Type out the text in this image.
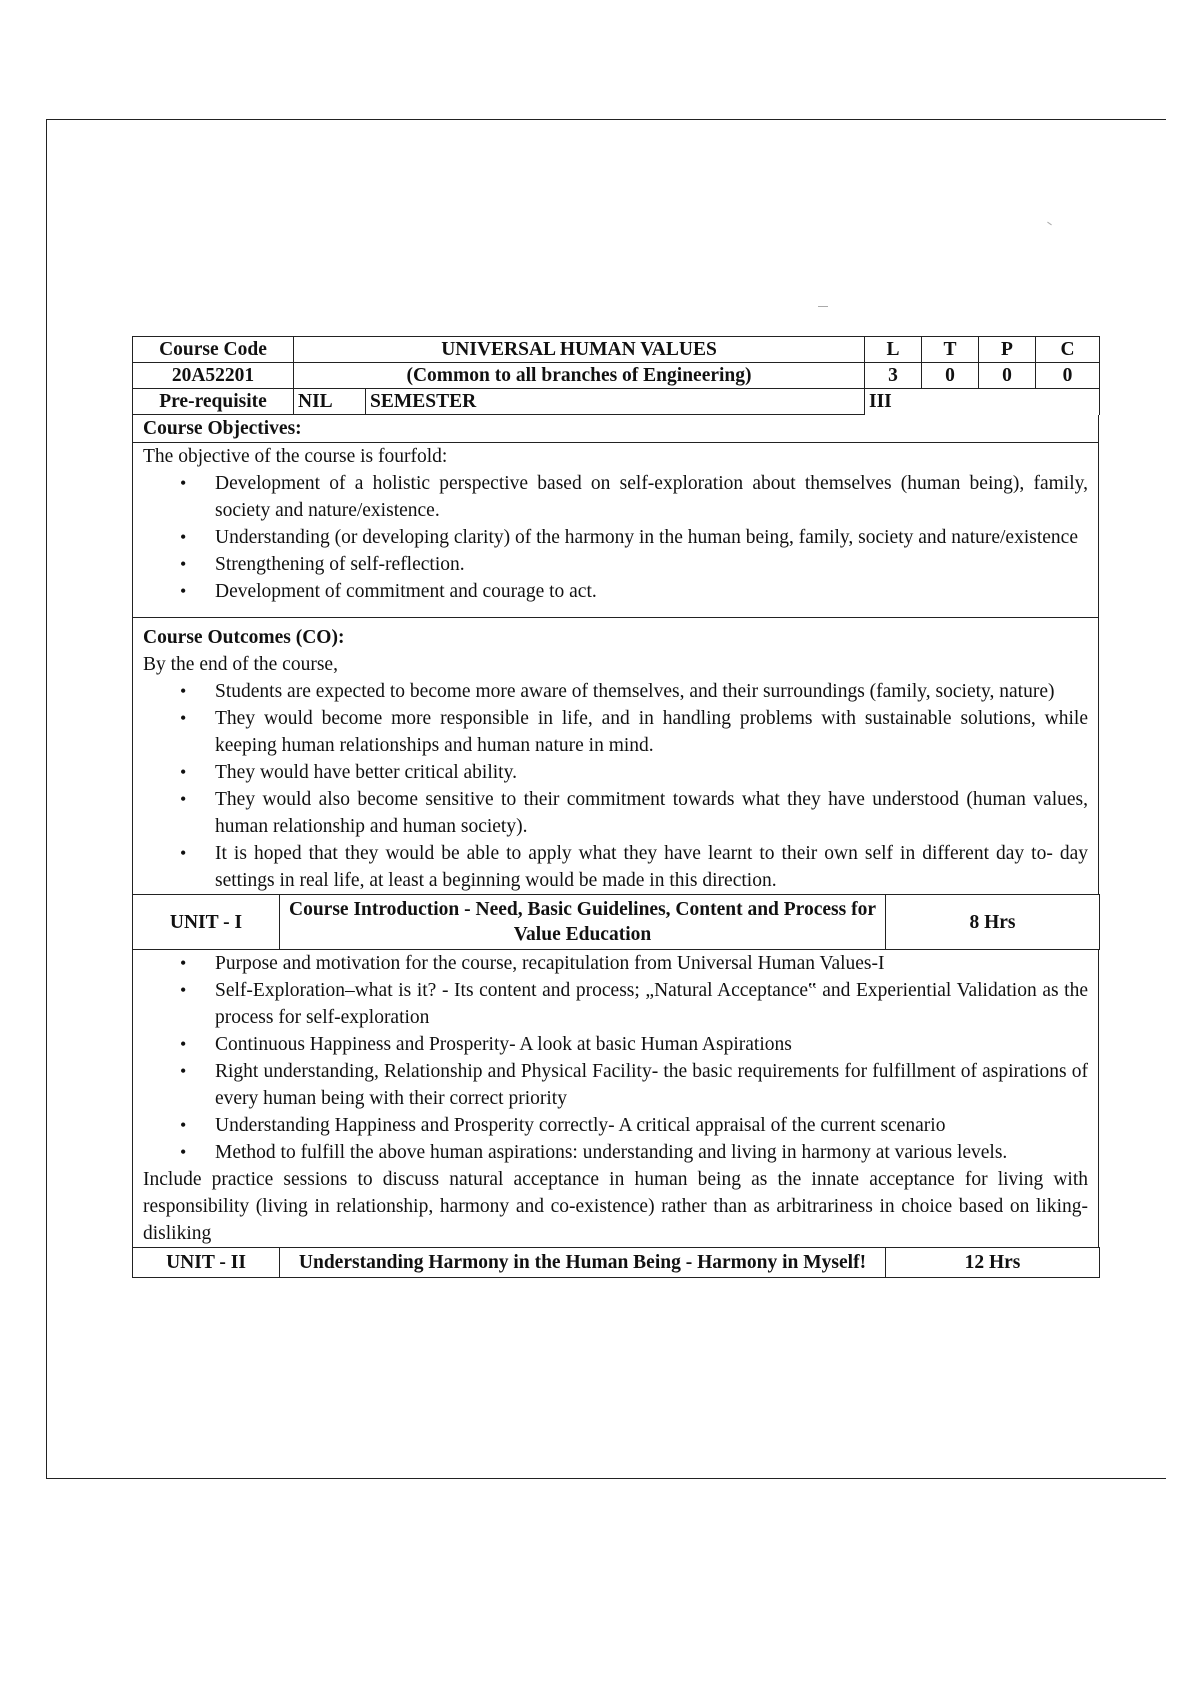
Course Code	UNIVERSAL HUMAN VALUES		L	T	P	C
20A52201	(Common to all branches of Engineering)		3	0	0	0
Pre-requisite	NIL	SEMESTER	III			
Course Objectives:
The objective of the course is fourfold:
• Development of a holistic perspective based on self-exploration about themselves (human being), family, society and nature/existence.
• Understanding (or developing clarity) of the harmony in the human being, family, society and nature/existence
• Strengthening of self-reflection.
• Development of commitment and courage to act.
Course Outcomes (CO):
By the end of the course,
• Students are expected to become more aware of themselves, and their surroundings (family, society, nature)
• They would become more responsible in life, and in handling problems with sustainable solutions, while keeping human relationships and human nature in mind.
• They would have better critical ability.
• They would also become sensitive to their commitment towards what they have understood (human values, human relationship and human society).
• It is hoped that they would be able to apply what they have learnt to their own self in different day to- day settings in real life, at least a beginning would be made in this direction.
UNIT - I	Course Introduction - Need, Basic Guidelines, Content and Process for Value Education	8 Hrs
• Purpose and motivation for the course, recapitulation from Universal Human Values-I
• Self-Exploration–what is it? - Its content and process; „Natural Acceptance‟ and Experiential Validation as the process for self-exploration
• Continuous Happiness and Prosperity- A look at basic Human Aspirations
• Right understanding, Relationship and Physical Facility- the basic requirements for fulfillment of aspirations of every human being with their correct priority
• Understanding Happiness and Prosperity correctly- A critical appraisal of the current scenario
• Method to fulfill the above human aspirations: understanding and living in harmony at various levels.
Include practice sessions to discuss natural acceptance in human being as the innate acceptance for living with responsibility (living in relationship, harmony and co-existence) rather than as arbitrariness in choice based on liking-disliking
UNIT - II	Understanding Harmony in the Human Being - Harmony in Myself!	12 Hrs
